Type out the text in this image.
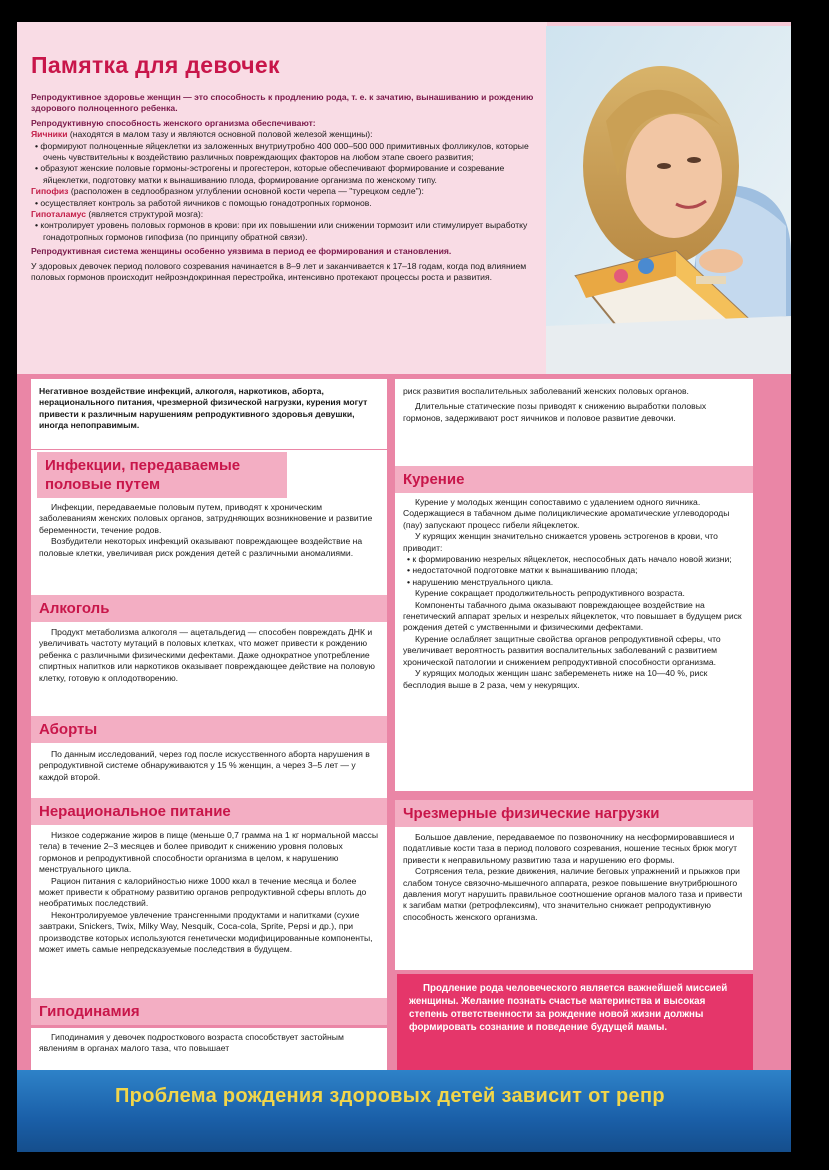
Памятка для девочек

Репродуктивное здоровье женщин — это способность к продлению рода, т. е. к зачатию, вынашиванию и рождению здорового полноценного ребенка.

Репродуктивную способность женского организма обеспечивают:

Яичники (находятся в малом тазу и являются основной половой железой женщины):

• формируют полноценные яйцеклетки из заложенных внутриутробно 400 000–500 000 примитивных фолликулов, которые очень чувствительны к воздействию различных повреждающих факторов на любом этапе своего развития;

• образуют женские половые гормоны-эстрогены и прогестерон, которые обеспечивают формирование и созревание яйцеклетки, подготовку матки к вынашиванию плода, формирование организма по женскому типу.

Гипофиз (расположен в седлообразном углублении основной кости черепа — "турецком седле"):

• осуществляет контроль за работой яичников с помощью гонадотропных гормонов.

Гипоталамус (является структурой мозга):

• контролирует уровень половых гормонов в крови: при их повышении или снижении тормозит или стимулирует выработку гонадотропных гормонов гипофиза (по принципу обратной связи).

Репродуктивная система женщины особенно уязвима в период ее формирования и становления.

У здоровых девочек период полового созревания начинается в 8–9 лет и заканчивается к 17–18 годам, когда под влиянием половых гормонов происходит нейроэндокринная перестройка, интенсивно протекают процессы роста и развития.

Негативное воздействие инфекций, алкоголя, наркотиков, аборта, нерационального питания, чрезмерной физической нагрузки, курения могут привести к различным нарушениям репродуктивного здоровья девушки, иногда непоправимым.

Инфекции, передаваемые половые путем

Инфекции, передаваемые половым путем, приводят к хроническим заболеваниям женских половых органов, затрудняющих возникновение и развитие беременности, течение родов.

Возбудители некоторых инфекций оказывают повреждающее воздействие на половые клетки, увеличивая риск рождения детей с различными аномалиями.

Алкоголь

Продукт метаболизма алкоголя — ацетальдегид — способен повреждать ДНК и увеличивать частоту мутаций в половых клетках, что может привести к рождению ребенка с различными физическими дефектами. Даже однократное употребление спиртных напитков или наркотиков оказывает повреждающее действие на половую клетку, готовую к оплодотворению.

Аборты

По данным исследований, через год после искусственного аборта нарушения в репродуктивной системе обнаруживаются у 15 % женщин, а через 3–5 лет — у каждой второй.

Нерациональное питание

Низкое содержание жиров в пище (меньше 0,7 грамма на 1 кг нормальной массы тела) в течение 2–3 месяцев и более приводит к снижению уровня половых гормонов и репродуктивной способности организма в целом, к нарушению менструального цикла.

Рацион питания с калорийностью ниже 1000 ккал в течение месяца и более может привести к обратному развитию органов репродуктивной сферы вплоть до необратимых последствий.

Неконтролируемое увлечение трансгенными продуктами и напитками (сухие завтраки, Snickers, Twix, Milky Way, Nesquik, Coca-cola, Sprite, Pepsi и др.), при производстве которых используются генетически модифицированные компоненты, может иметь самые непредсказуемые последствия в будущем.

Гиподинамия

Гиподинамия у девочек подросткового возраста способствует застойным явлениям в органах малого таза, что повышает

риск развития воспалительных заболеваний женских половых органов.

Длительные статические позы приводят к снижению выработки половых гормонов, задерживают рост яичников и половое развитие девочки.

Курение

Курение у молодых женщин сопоставимо с удалением одного яичника. Содержащиеся в табачном дыме полициклические ароматические углеводороды (пау) запускают процесс гибели яйцеклеток.

У курящих женщин значительно снижается уровень эстрогенов в крови, что приводит:

• к формированию незрелых яйцеклеток, неспособных дать начало новой жизни;

• недостаточной подготовке матки к вынашиванию плода;

• нарушению менструального цикла.

Курение сокращает продолжительность репродуктивного возраста.

Компоненты табачного дыма оказывают повреждающее воздействие на генетический аппарат зрелых и незрелых яйцеклеток, что повышает в будущем риск рождения детей с умственными и физическими дефектами.

Курение ослабляет защитные свойства органов репродуктивной сферы, что увеличивает вероятность развития воспалительных заболеваний с развитием хронической патологии и снижением репродуктивной способности организма.

У курящих молодых женщин шанс забеременеть ниже на 10—40 %, риск бесплодия выше в 2 раза, чем у некурящих.

Чрезмерные физические нагрузки

Большое давление, передаваемое по позвоночнику на несформировавшиеся и податливые кости таза в период полового созревания, ношение тесных брюк могут привести к неправильному развитию таза и нарушению его формы.

Сотрясения тела, резкие движения, наличие беговых упражнений и прыжков при слабом тонусе связочно-мышечного аппарата, резкое повышение внутрибрюшного давления могут нарушить правильное соотношение органов малого таза и привести к загибам матки (ретрофлексиям), что значительно снижает репродуктивную способность женского организма.

Продление рода человеческого является важнейшей миссией женщины. Желание познать счастье материнства и высокая степень ответственности за рождение новой жизни должны формировать сознание и поведение будущей мамы.

Проблема рождения здоровых детей зависит от репр
